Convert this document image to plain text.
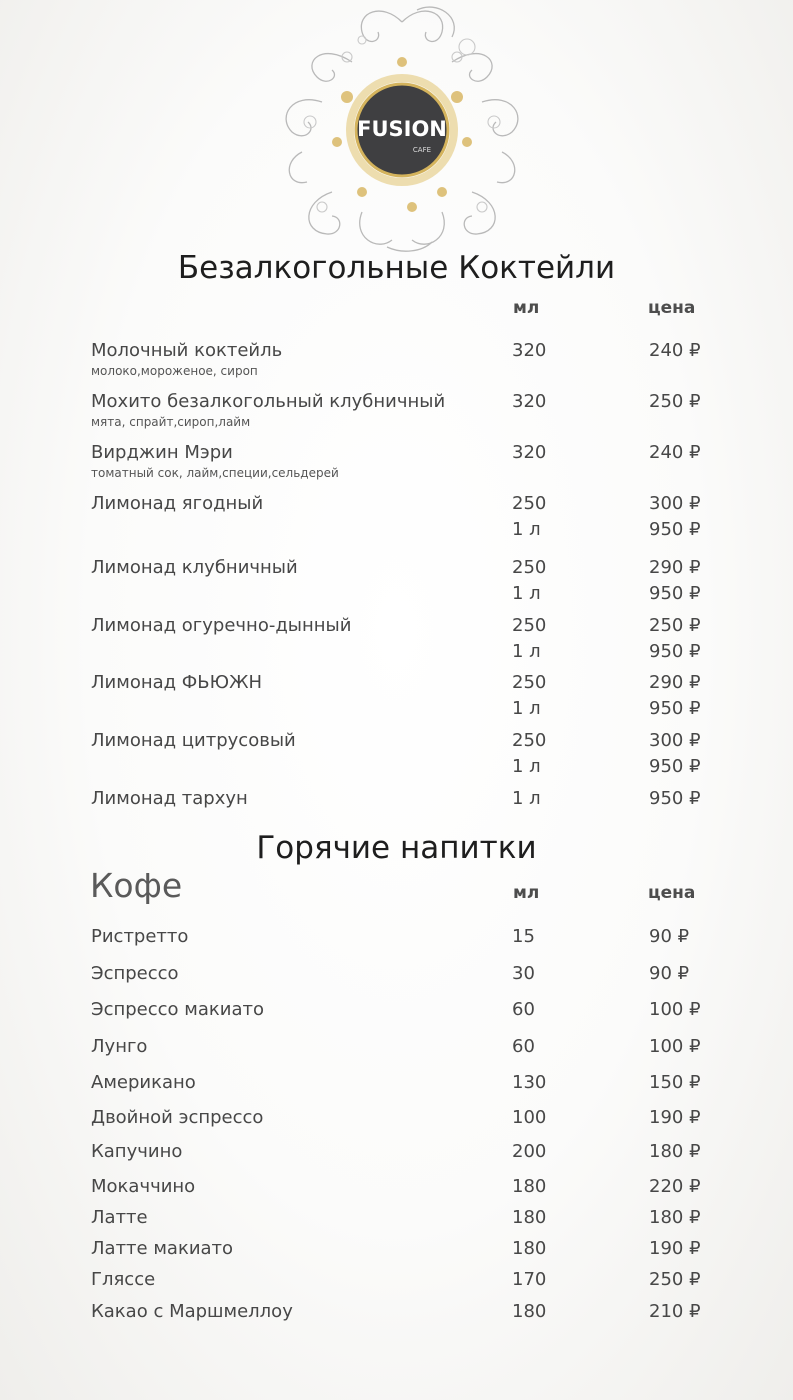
FUSION
CAFE
Безалкогольные Коктейли
мл	цена
Молочный коктейль	320	240 ₽
молоко,мороженое, сироп
Мохито безалкогольный клубничный	320	250 ₽
мята, спрайт,сироп,лайм
Вирджин Мэри	320	240 ₽
томатный сок, лайм,специи,сельдерей
Лимонад ягодный	250	300 ₽
1 л	950 ₽
Лимонад клубничный	250	290 ₽
1 л	950 ₽
Лимонад огуречно-дынный	250	250 ₽
1 л	950 ₽
Лимонад ФЬЮЖН	250	290 ₽
1 л	950 ₽
Лимонад цитрусовый	250	300 ₽
1 л	950 ₽
Лимонад тархун	1 л	950 ₽
Горячие напитки
Кофе	мл	цена
Ристретто	15	90 ₽
Эспрессо	30	90 ₽
Эспрессо макиато	60	100 ₽
Лунго	60	100 ₽
Американо	130	150 ₽
Двойной эспрессо	100	190 ₽
Капучино	200	180 ₽
Мокаччино	180	220 ₽
Латте	180	180 ₽
Латте макиато	180	190 ₽
Гляссе	170	250 ₽
Какао с Маршмеллоу	180	210 ₽
